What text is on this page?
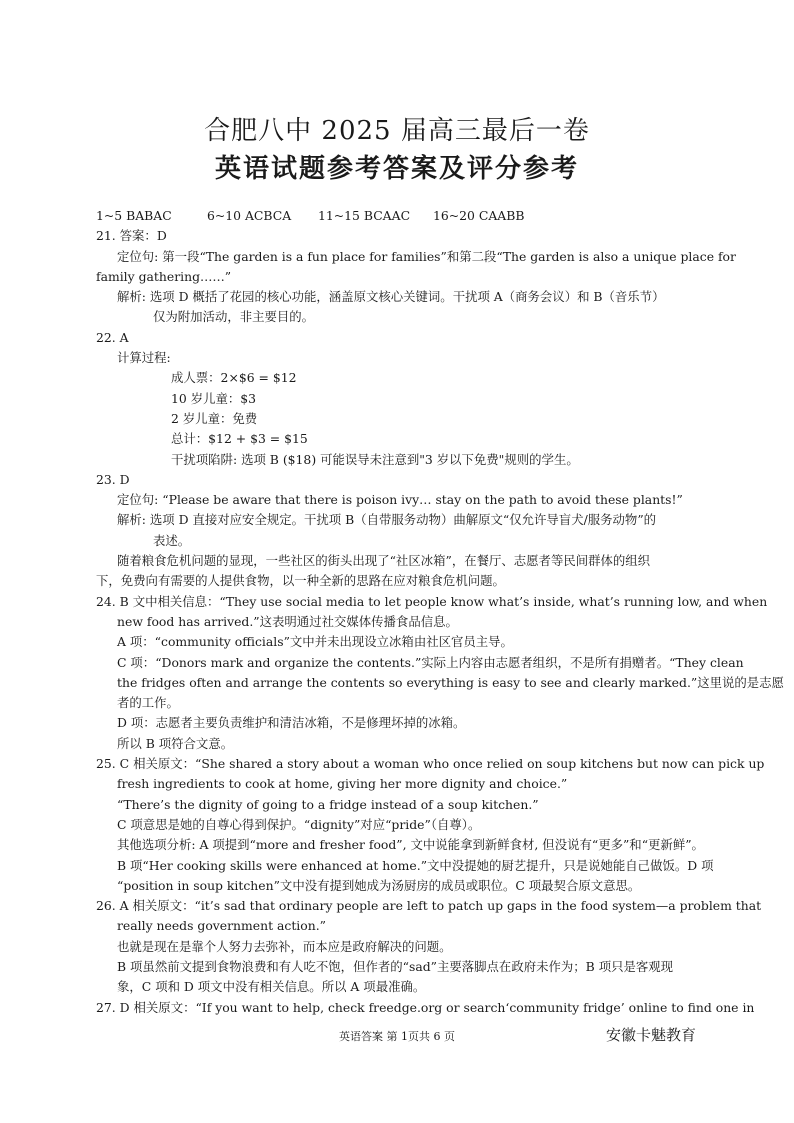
合肥八中 2025 届高三最后一卷
英语试题参考答案及评分参考
1~5 BABAC	6~10 ACBCA 11~15 BCAAC 16~20 CAABB
21. 答案：D
定位句: 第一段“The garden is a fun place for families”和第二段“The garden is also a unique place for
family gathering……”
解析: 选项 D 概括了花园的核心功能，涵盖原文核心关键词。干扰项 A（商务会议）和 B（音乐节）
仅为附加活动，非主要目的。
22. A
计算过程:
成人票：2×$6 = $12
10 岁儿童：$3
2 岁儿童：免费
总计：$12 + $3 = $15
干扰项陷阱: 选项 B ($18) 可能误导未注意到"3 岁以下免费"规则的学生。
23. D
定位句: “Please be aware that there is poison ivy… stay on the path to avoid these plants!”
解析: 选项 D 直接对应安全规定。干扰项 B（自带服务动物）曲解原文“仅允许导盲犬/服务动物”的
表述。
随着粮食危机问题的显现，一些社区的街头出现了“社区冰箱”，在餐厅、志愿者等民间群体的组织
下，免费向有需要的人提供食物，以一种全新的思路在应对粮食危机问题。
24. B 文中相关信息：“They use social media to let people know what’s inside, what’s running low, and when
new food has arrived.”这表明通过社交媒体传播食品信息。
A 项：“community officials”文中并未出现设立冰箱由社区官员主导。
C 项：“Donors mark and organize the contents.”实际上内容由志愿者组织，不是所有捐赠者。“They clean
the fridges often and arrange the contents so everything is easy to see and clearly marked.”这里说的是志愿
者的工作。
D 项：志愿者主要负责维护和清洁冰箱，不是修理坏掉的冰箱。
所以 B 项符合文意。
25. C 相关原文：“She shared a story about a woman who once relied on soup kitchens but now can pick up
fresh ingredients to cook at home, giving her more dignity and choice.”
“There’s the dignity of going to a fridge instead of a soup kitchen.”
C 项意思是她的自尊心得到保护。“dignity”对应“pride”（自尊）。
其他选项分析: A 项提到“more and fresher food”, 文中说能拿到新鲜食材, 但没说有“更多”和“更新鲜”。
B 项“Her cooking skills were enhanced at home.”文中没提她的厨艺提升，只是说她能自己做饭。D 项
“position in soup kitchen”文中没有提到她成为汤厨房的成员或职位。C 项最契合原文意思。
26. A 相关原文：“it’s sad that ordinary people are left to patch up gaps in the food system—a problem that
really needs government action.”
也就是现在是靠个人努力去弥补，而本应是政府解决的问题。
B 项虽然前文提到食物浪费和有人吃不饱，但作者的“sad”主要落脚点在政府未作为；B 项只是客观现
象，C 项和 D 项文中没有相关信息。所以 A 项最准确。
27. D 相关原文：“If you want to help, check freedge.org or search‘community fridge’ online to find one in
英语答案 第 1页共 6 页	安徽卡魅教育
